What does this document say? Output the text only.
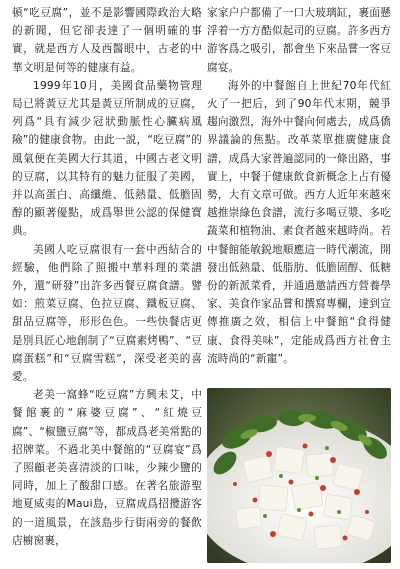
頓“吃豆腐”，並不是影響國際政治大略的新聞，但它卻表達了一個明確的事實，就是西方人及西醫眼中，古老的中華文明是何等的健康有益。

1999年10月，美國食品藥物管理局已將黃豆尤其是黃豆所制成的豆腐，列爲“具有減少冠狀動脈性心臟病風險”的健康食物。由此一説，“吃豆腐”的風氣便在美國大行其道，中國古老文明的豆腐，以其特有的魅力征服了美國，并以高蛋白、高纖維、低熱量、低膽固醇的顯著優點，成爲舉世公認的保健寶典。

美國人吃豆腐很有一套中西結合的經驗，他們除了照搬中華料理的菜譜外，還“研發”出許多西餐豆腐食譜。譬如：煎菜豆腐、色拉豆腐、鐵板豆腐、甜品豆腐等，形形色色。一些快餐店更是別具匠心地創制了“豆腐素烤鴨”、“豆腐蛋糕”和“豆腐雪糕”，深受老美的喜愛。

老美一窩蜂“吃豆腐”方興未艾，中餐館裹的“麻婆豆腐”、“紅燒豆腐”、“椒鹽豆腐”等，都成爲老美常點的招牌菜。不過北美中餐館的“豆腐宴”爲了照顧老美喜清淡的口味，少辣少鹽的同時，加上了酸甜口感。在著名旅游聖地夏威夷的Maui島，豆腐成爲招攬游客的一道風景，在該島步行街兩旁的餐飲店櫥窗裹，

家家户户都備了一口大玻璃缸，裹面懸浮着一方方酷似起司的豆腐。許多西方游客爲之吸引，都會坐下來品嘗一客豆腐宴。

海外的中餐館自上世紀70年代紅火了一把后，到了90年代末期，競爭趨向激烈，海外中餐向何處去，成爲僑界議論的焦點。改革菜單推廣健康食譜，成爲大家普遍認同的一條出路，事實上，中餐于健康飲食新概念上占有優勢，大有文章可做。西方人近年來越來越推崇綠色食譜，流行多喝豆漿、多吃蔬菜和植物油、素食者越來越時尚。若中餐館能敏鋭地順應這一時代潮流，開發出低熱量、低脂肪、低膽固醇、低糖份的新派菜肴，并通過邀請西方營養學家、美食作家品嘗和撰寫專欄，達到宣傳推廣之效，相信上中餐館“食得健康、食得美味”，定能成爲西方社會主流時尚的“新寵”。
